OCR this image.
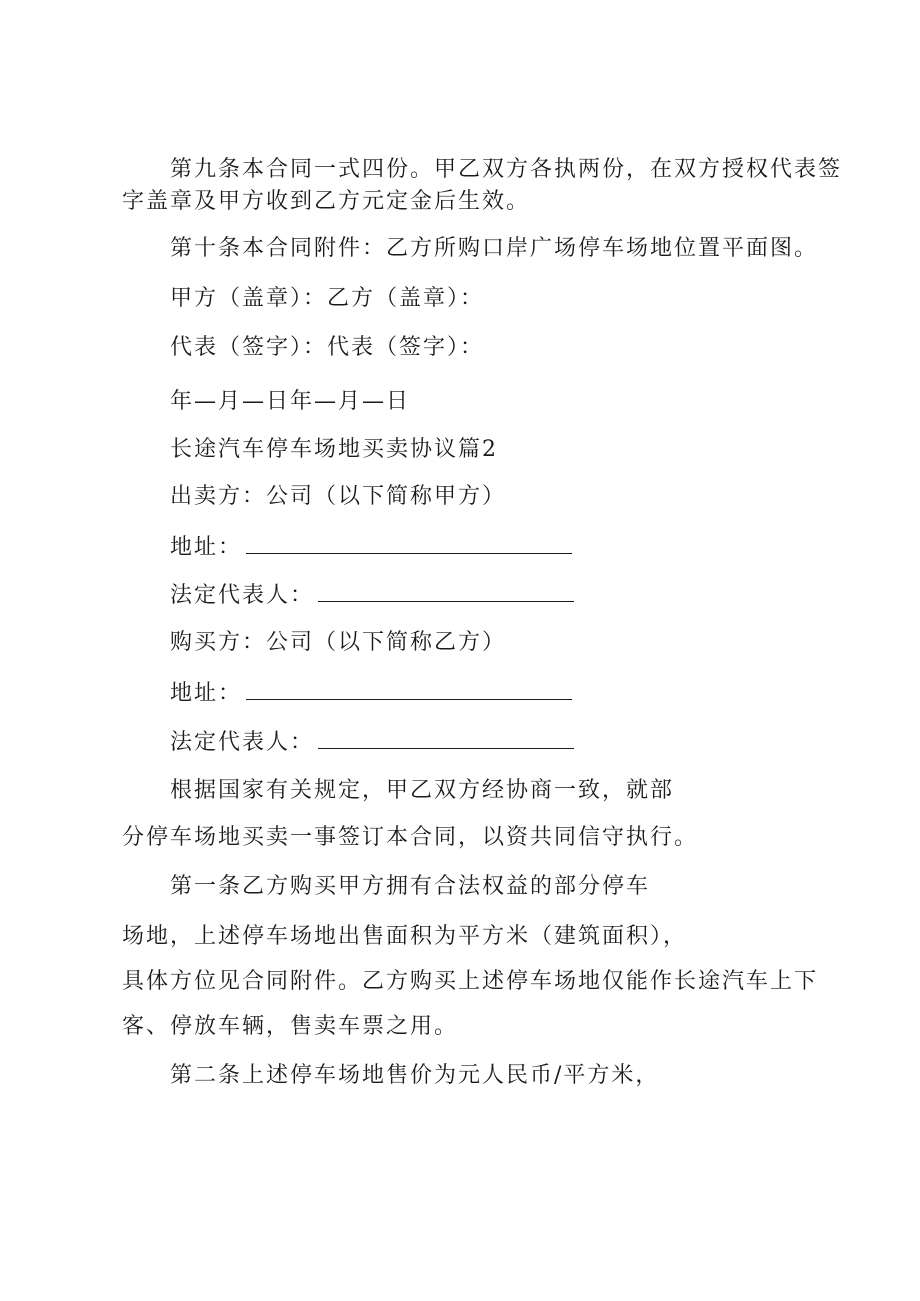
第九条本合同一式四份。甲乙双方各执两份，在双方授权代表签
字盖章及甲方收到乙方元定金后生效。
第十条本合同附件：乙方所购口岸广场停车场地位置平面图。
甲方（盖章）：乙方（盖章）：
代表（签字）：代表（签字）：
年—月—日年—月—日
长途汽车停车场地买卖协议篇2
出卖方：公司（以下简称甲方）
地址：
法定代表人：
购买方：公司（以下简称乙方）
地址：
法定代表人：
根据国家有关规定，甲乙双方经协商一致，就部
分停车场地买卖一事签订本合同，以资共同信守执行。
第一条乙方购买甲方拥有合法权益的部分停车
场地，上述停车场地出售面积为平方米（建筑面积），
具体方位见合同附件。乙方购买上述停车场地仅能作长途汽车上下
客、停放车辆，售卖车票之用。
第二条上述停车场地售价为元人民币/平方米，
